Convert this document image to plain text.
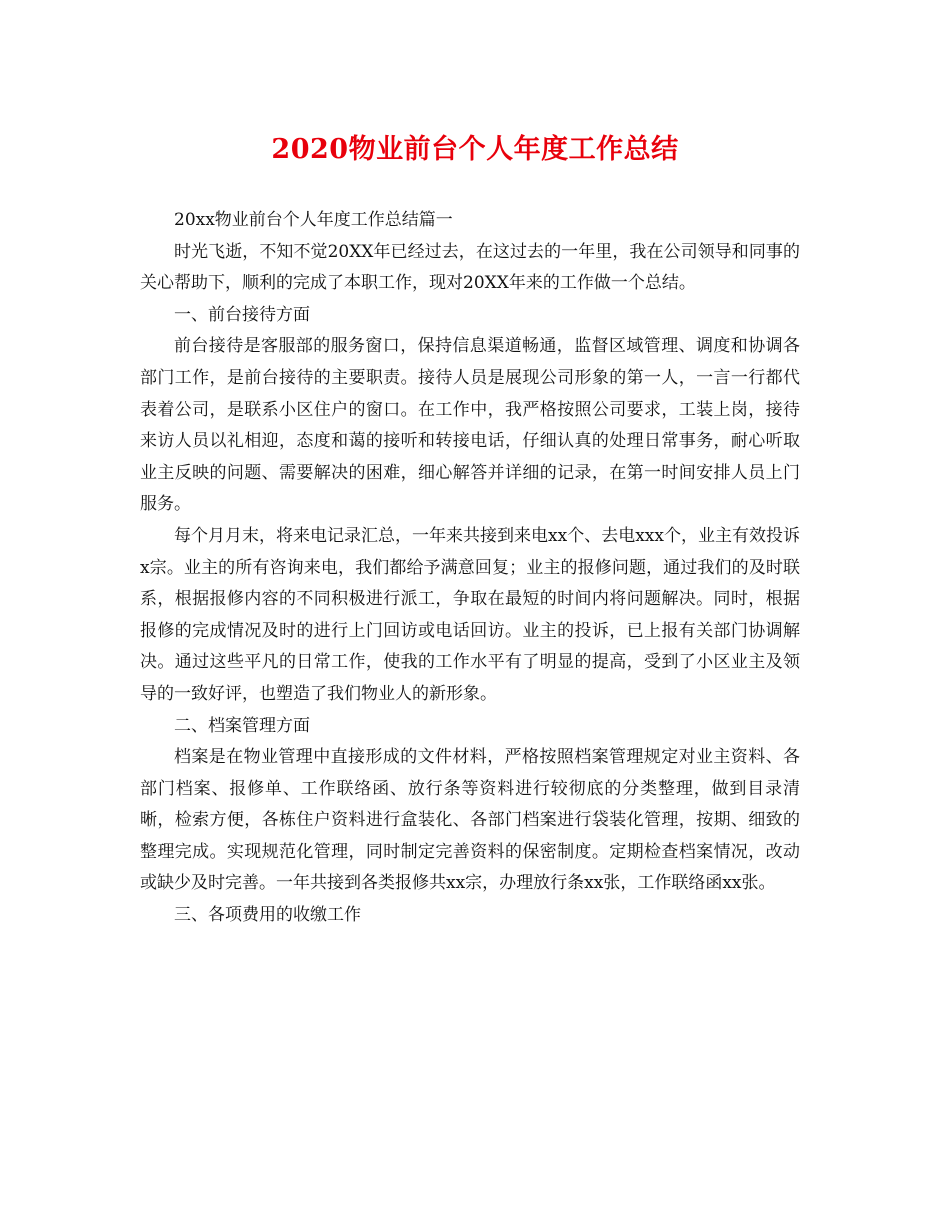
2020物业前台个人年度工作总结

20xx物业前台个人年度工作总结篇一

时光飞逝，不知不觉20XX年已经过去，在这过去的一年里，我在公司领导和同事的关心帮助下，顺利的完成了本职工作，现对20XX年来的工作做一个总结。

一、前台接待方面

前台接待是客服部的服务窗口，保持信息渠道畅通，监督区域管理、调度和协调各部门工作，是前台接待的主要职责。接待人员是展现公司形象的第一人，一言一行都代表着公司，是联系小区住户的窗口。在工作中，我严格按照公司要求，工装上岗，接待来访人员以礼相迎，态度和蔼的接听和转接电话，仔细认真的处理日常事务，耐心听取业主反映的问题、需要解决的困难，细心解答并详细的记录，在第一时间安排人员上门服务。

每个月月末，将来电记录汇总，一年来共接到来电xx个、去电xxx个，业主有效投诉x宗。业主的所有咨询来电，我们都给予满意回复；业主的报修问题，通过我们的及时联系，根据报修内容的不同积极进行派工，争取在最短的时间内将问题解决。同时，根据报修的完成情况及时的进行上门回访或电话回访。业主的投诉，已上报有关部门协调解决。通过这些平凡的日常工作，使我的工作水平有了明显的提高，受到了小区业主及领导的一致好评，也塑造了我们物业人的新形象。

二、档案管理方面

档案是在物业管理中直接形成的文件材料，严格按照档案管理规定对业主资料、各部门档案、报修单、工作联络函、放行条等资料进行较彻底的分类整理，做到目录清晰，检索方便，各栋住户资料进行盒装化、各部门档案进行袋装化管理，按期、细致的整理完成。实现规范化管理，同时制定完善资料的保密制度。定期检查档案情况，改动或缺少及时完善。一年共接到各类报修共xx宗，办理放行条xx张，工作联络函xx张。

三、各项费用的收缴工作
